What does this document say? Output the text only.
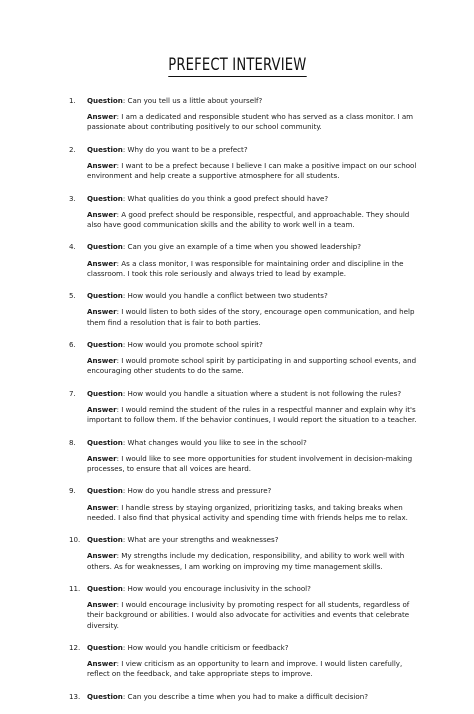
PREFECT INTERVIEW
1. Question: Can you tell us a little about yourself?

Answer: I am a dedicated and responsible student who has served as a class monitor. I am passionate about contributing positively to our school community.

2. Question: Why do you want to be a prefect?

Answer: I want to be a prefect because I believe I can make a positive impact on our school environment and help create a supportive atmosphere for all students.

3. Question: What qualities do you think a good prefect should have?

Answer: A good prefect should be responsible, respectful, and approachable. They should also have good communication skills and the ability to work well in a team.

4. Question: Can you give an example of a time when you showed leadership?

Answer: As a class monitor, I was responsible for maintaining order and discipline in the classroom. I took this role seriously and always tried to lead by example.

5. Question: How would you handle a conflict between two students?

Answer: I would listen to both sides of the story, encourage open communication, and help them find a resolution that is fair to both parties.

6. Question: How would you promote school spirit?

Answer: I would promote school spirit by participating in and supporting school events, and encouraging other students to do the same.

7. Question: How would you handle a situation where a student is not following the rules?

Answer: I would remind the student of the rules in a respectful manner and explain why it's important to follow them. If the behavior continues, I would report the situation to a teacher.

8. Question: What changes would you like to see in the school?

Answer: I would like to see more opportunities for student involvement in decision-making processes, to ensure that all voices are heard.

9. Question: How do you handle stress and pressure?

Answer: I handle stress by staying organized, prioritizing tasks, and taking breaks when needed. I also find that physical activity and spending time with friends helps me to relax.

10. Question: What are your strengths and weaknesses?

Answer: My strengths include my dedication, responsibility, and ability to work well with others. As for weaknesses, I am working on improving my time management skills.

11. Question: How would you encourage inclusivity in the school?

Answer: I would encourage inclusivity by promoting respect for all students, regardless of their background or abilities. I would also advocate for activities and events that celebrate diversity.

12. Question: How would you handle criticism or feedback?

Answer: I view criticism as an opportunity to learn and improve. I would listen carefully, reflect on the feedback, and take appropriate steps to improve.

13. Question: Can you describe a time when you had to make a difficult decision?
